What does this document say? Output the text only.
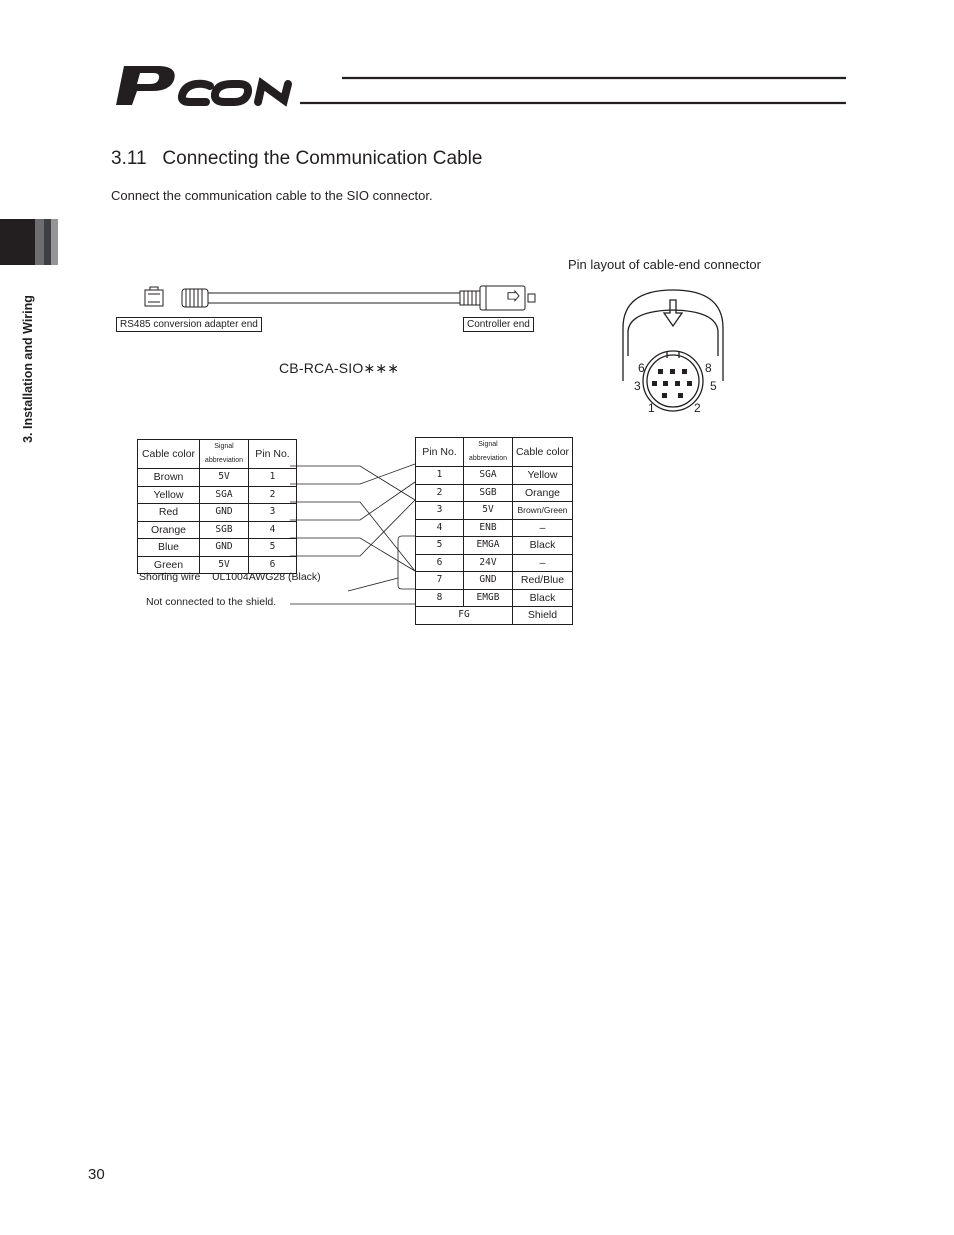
3.11   Connecting the Communication Cable
Connect the communication cable to the SIO connector.
3. Installation and Wiring
Pin layout of cable-end connector
RS485 conversion adapter end	Controller end
CB-RCA-SIO∗∗∗	6	8
3	5
1	2
Cable color	Signal abbreviation	Pin No.
Brown	5V	1
Yellow	SGA	2
Red	GND	3
Orange	SGB	4
Blue	GND	5
Green	5V	6
Pin No.	Signal abbreviation	Cable color
1	SGA	Yellow
2	SGB	Orange
3	5V	Brown/Green
4	ENB	–
5	EMGA	Black
6	24V	–
7	GND	Red/Blue
8	EMGB	Black
FG		Shield
Shorting wire    UL1004AWG28 (Black)
Not connected to the shield.
30
